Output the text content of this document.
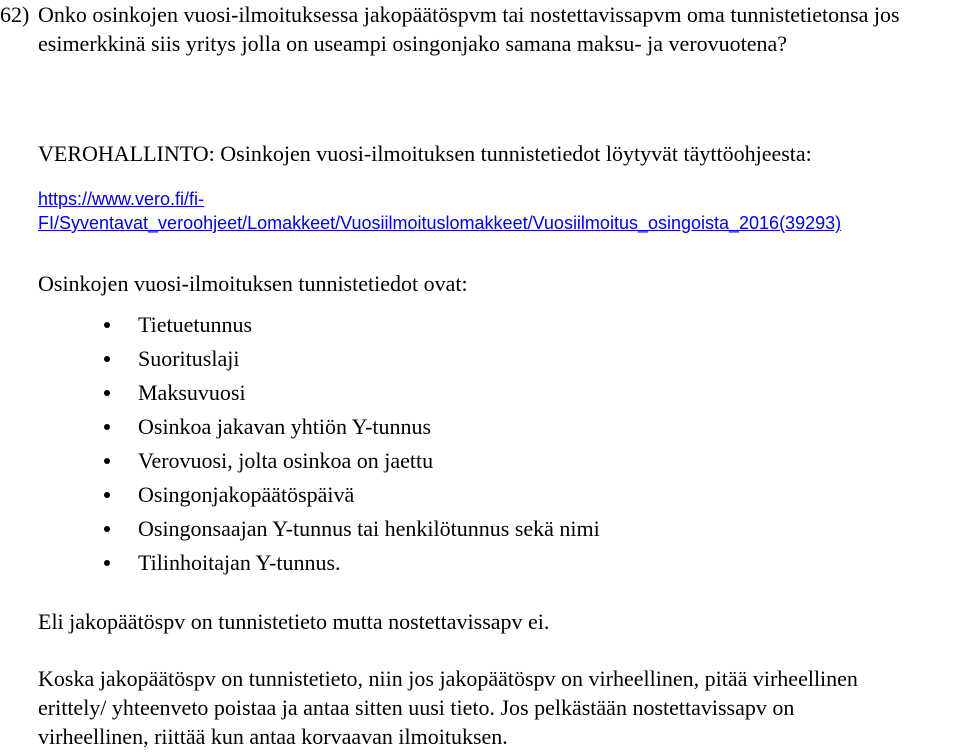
62) Onko osinkojen vuosi-ilmoituksessa jakopäätöspvm tai nostettavissapvm oma tunnistetietonsa jos esimerkkinä siis yritys jolla on useampi osingonjako samana maksu- ja verovuotena?
VEROHALLINTO: Osinkojen vuosi-ilmoituksen tunnistetiedot löytyvät täyttöohjeesta:
https://www.vero.fi/fi-
FI/Syventavat_veroohjeet/Lomakkeet/Vuosiilmoituslomakkeet/Vuosiilmoitus_osingoista_2016(39293)
Osinkojen vuosi-ilmoituksen tunnistetiedot ovat:
Tietuetunnus
Suorituslaji
Maksuvuosi
Osinkoa jakavan yhtiön Y-tunnus
Verovuosi, jolta osinkoa on jaettu
Osingonjakopäätöspäivä
Osingonsaajan Y-tunnus tai henkilötunnus sekä nimi
Tilinhoitajan Y-tunnus.
Eli jakopäätöspv on tunnistetieto mutta nostettavissapv ei.
Koska jakopäätöspv on tunnistetieto, niin jos jakopäätöspv on virheellinen, pitää virheellinen erittely/ yhteenveto poistaa ja antaa sitten uusi tieto. Jos pelkästään nostettavissapv on virheellinen, riittää kun antaa korvaavan ilmoituksen.
